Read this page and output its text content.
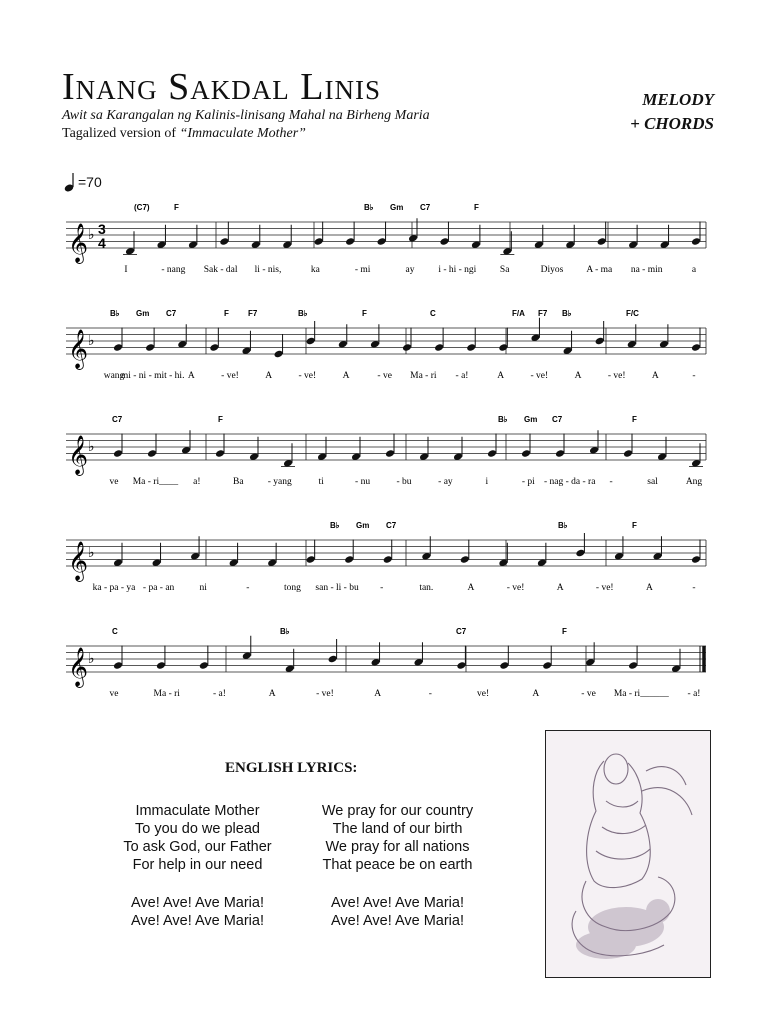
Inang Sakdal Linis
Awit sa Karangalan ng Kalinis-linisang Mahal na Birheng Maria
Tagalized version of “Immaculate Mother”
MELODY
+ CHORDS
=70
𝄞 ♭ 3
4
(C7)	F	B♭ Gm C7	F
I	- nang Sak - dal li - nis,	ka	- mi	ay	i - hi - ngi Sa	Diyos A - ma na - min	a
𝄞 ♭
B♭ Gm C7	F F7	B♭	F	C	F/A F7 B♭	F/C
wang
mi - ni - mit - hi. A	- ve!	A	- ve!	A	- ve Ma - ri - a!	A	- ve!	A	- ve!	A	-
𝄞 ♭
C7	F	B♭ Gm C7	F
ve Ma - ri____ a!	Ba	- yang	ti	- nu	- bu	- ay	i	- pi - nag - da - ra -	sal	Ang
𝄞 ♭
B♭ Gm C7	B♭	F
ka - pa - ya - pa - an	ni	-	tong san - li - bu -	tan.	A	- ve!	A	- ve!	A	-
𝄞 ♭
C	B♭	C7	F
ve	Ma - ri	- a!	A	- ve!	A	-	ve!	A	- ve Ma - ri______ - a!
ENGLISH LYRICS:
Immaculate Mother
To you do we plead
To ask God, our Father
For help in our need
We pray for our country
The land of our birth
We pray for all nations
That peace be on earth
Ave! Ave! Ave Maria!
Ave! Ave! Ave Maria!
Ave! Ave! Ave Maria!
Ave! Ave! Ave Maria!
